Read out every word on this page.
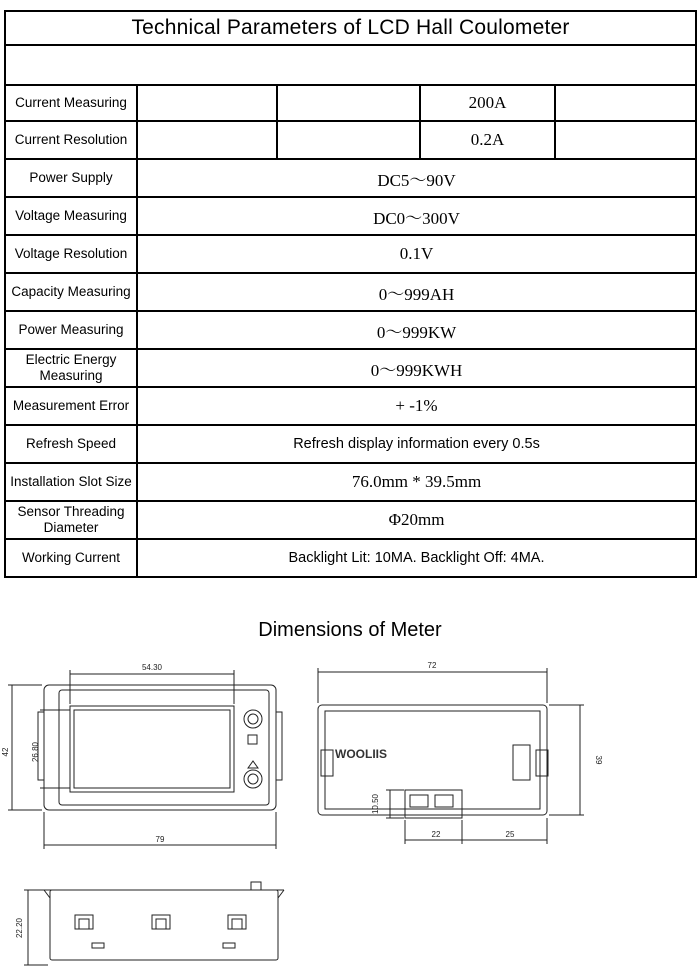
Technical Parameters of LCD Hall Coulometer				

Current Measuring			200A	
Current Resolution			0.2A	
Power Supply	DC5～90V			
Voltage Measuring	DC0～300V			
Voltage Resolution	0.1V			
Capacity Measuring	0～999AH			
Power Measuring	0～999KW			
Electric Energy Measuring	0～999KWH			
Measurement Error	+ -1%			
Refresh Speed	Refresh display information every 0.5s			
Installation Slot Size	76.0mm * 39.5mm			
Sensor Threading Diameter	Φ20mm			
Working Current	Backlight Lit: 10MA. Backlight Off: 4MA.			
Dimensions of Meter
54.30
79
42	26.80
72
39
10.50
22	25
WOOLIIS
22.20
